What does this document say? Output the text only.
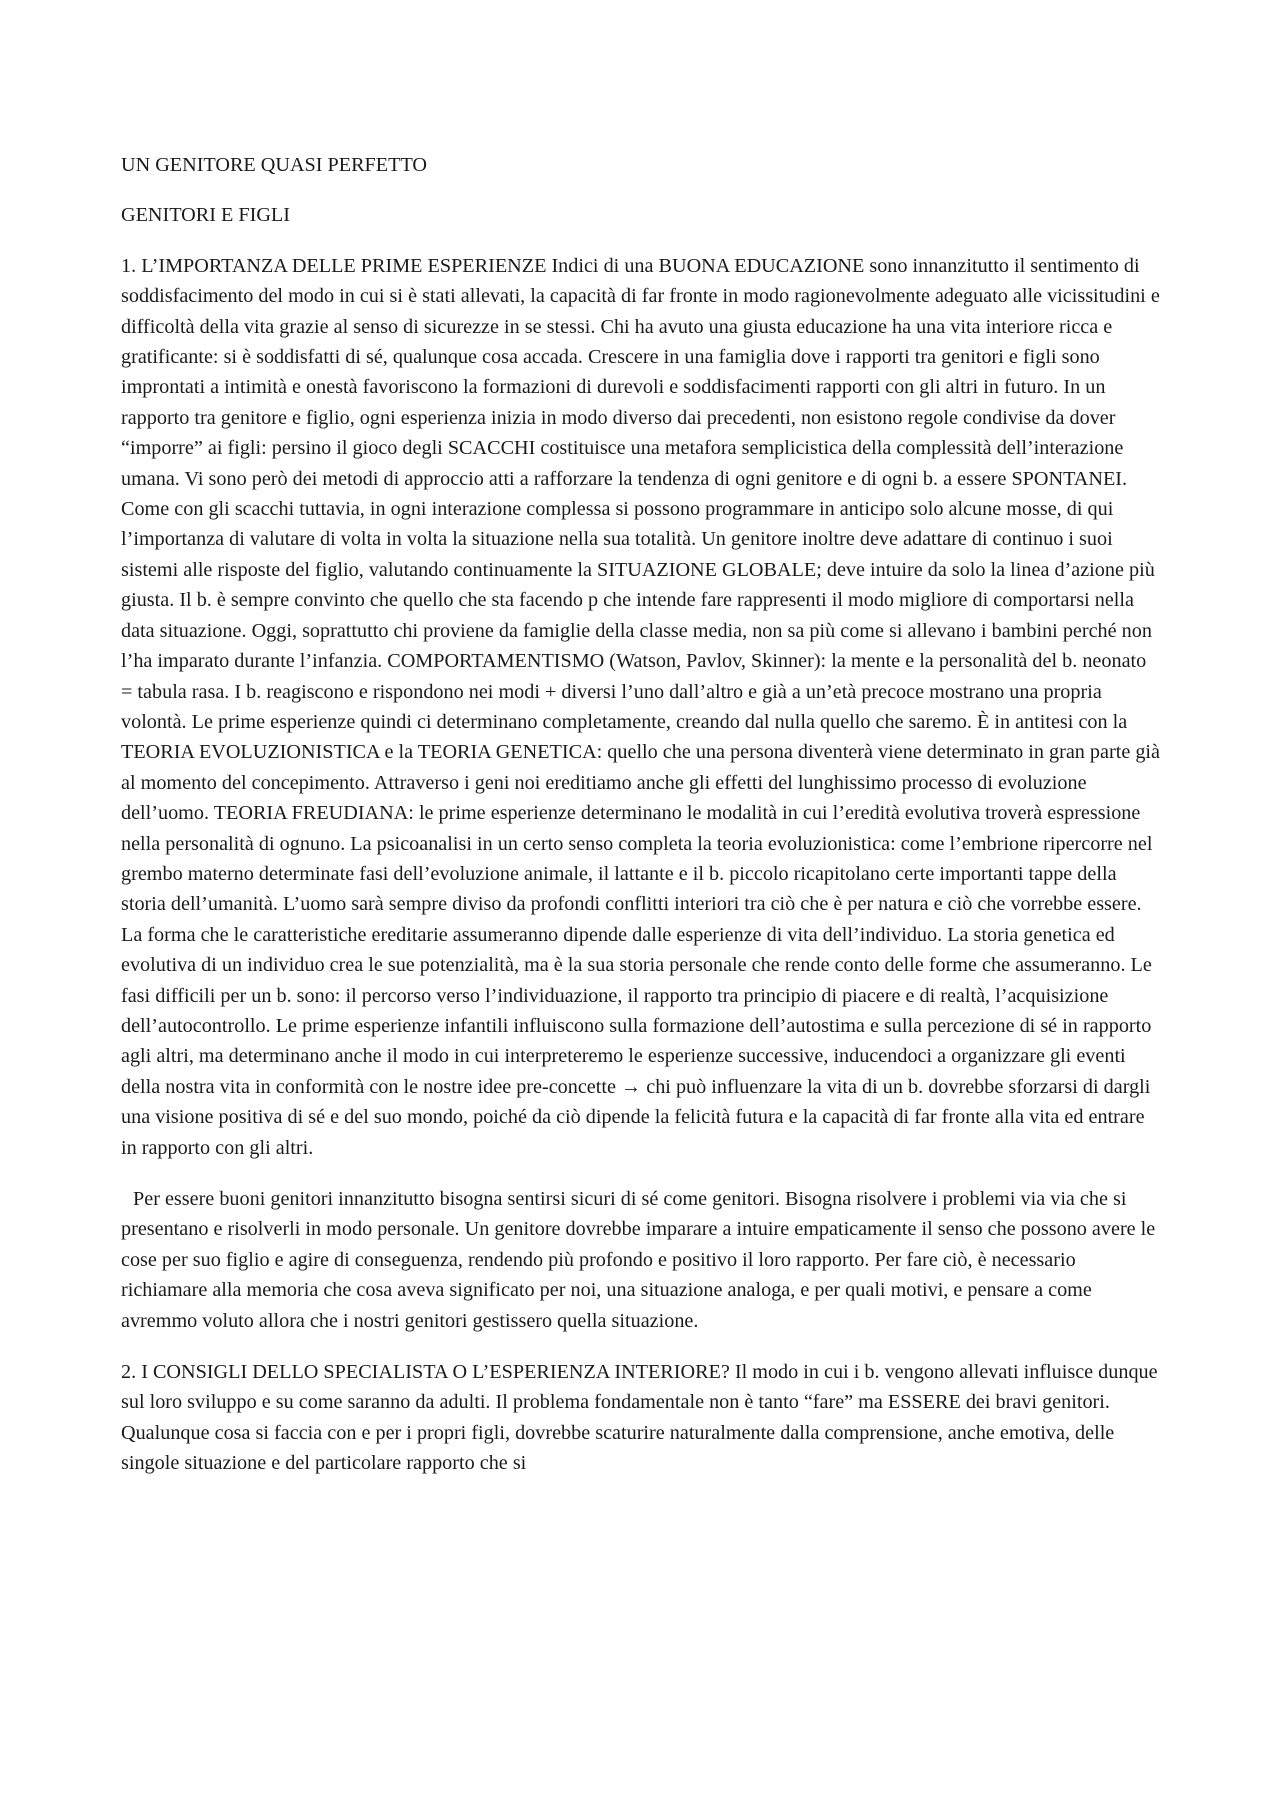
UN GENITORE QUASI PERFETTO

GENITORI E FIGLI

1. L’IMPORTANZA DELLE PRIME ESPERIENZE Indici di una BUONA EDUCAZIONE sono innanzitutto il sentimento di soddisfacimento del modo in cui si è stati allevati, la capacità di far fronte in modo ragionevolmente adeguato alle vicissitudini e difficoltà della vita grazie al senso di sicurezze in se stessi. Chi ha avuto una giusta educazione ha una vita interiore ricca e gratificante: si è soddisfatti di sé, qualunque cosa accada. Crescere in una famiglia dove i rapporti tra genitori e figli sono improntati a intimità e onestà favoriscono la formazioni di durevoli e soddisfacimenti rapporti con gli altri in futuro. In un rapporto tra genitore e figlio, ogni esperienza inizia in modo diverso dai precedenti, non esistono regole condivise da dover “imporre” ai figli: persino il gioco degli SCACCHI costituisce una metafora semplicistica della complessità dell’interazione umana. Vi sono però dei metodi di approccio atti a rafforzare la tendenza di ogni genitore e di ogni b. a essere SPONTANEI. Come con gli scacchi tuttavia, in ogni interazione complessa si possono programmare in anticipo solo alcune mosse, di qui l’importanza di valutare di volta in volta la situazione nella sua totalità. Un genitore inoltre deve adattare di continuo i suoi sistemi alle risposte del figlio, valutando continuamente la SITUAZIONE GLOBALE; deve intuire da solo la linea d’azione più giusta. Il b. è sempre convinto che quello che sta facendo p che intende fare rappresenti il modo migliore di comportarsi nella data situazione. Oggi, soprattutto chi proviene da famiglie della classe media, non sa più come si allevano i bambini perché non l’ha imparato durante l’infanzia. COMPORTAMENTISMO (Watson, Pavlov, Skinner): la mente e la personalità del b. neonato = tabula rasa. I b. reagiscono e rispondono nei modi + diversi l’uno dall’altro e già a un’età precoce mostrano una propria volontà. Le prime esperienze quindi ci determinano completamente, creando dal nulla quello che saremo. È in antitesi con la TEORIA EVOLUZIONISTICA e la TEORIA GENETICA: quello che una persona diventerà viene determinato in gran parte già al momento del concepimento. Attraverso i geni noi ereditiamo anche gli effetti del lunghissimo processo di evoluzione dell’uomo. TEORIA FREUDIANA: le prime esperienze determinano le modalità in cui l’eredità evolutiva troverà espressione nella personalità di ognuno. La psicoanalisi in un certo senso completa la teoria evoluzionistica: come l’embrione ripercorre nel grembo materno determinate fasi dell’evoluzione animale, il lattante e il b. piccolo ricapitolano certe importanti tappe della storia dell’umanità. L’uomo sarà sempre diviso da profondi conflitti interiori tra ciò che è per natura e ciò che vorrebbe essere. La forma che le caratteristiche ereditarie assumeranno dipende dalle esperienze di vita dell’individuo. La storia genetica ed evolutiva di un individuo crea le sue potenzialità, ma è la sua storia personale che rende conto delle forme che assumeranno. Le fasi difficili per un b. sono: il percorso verso l’individuazione, il rapporto tra principio di piacere e di realtà, l’acquisizione dell’autocontrollo. Le prime esperienze infantili influiscono sulla formazione dell’autostima e sulla percezione di sé in rapporto agli altri, ma determinano anche il modo in cui interpreteremo le esperienze successive, inducendoci a organizzare gli eventi della nostra vita in conformità con le nostre idee pre-concette → chi può influenzare la vita di un b. dovrebbe sforzarsi di dargli una visione positiva di sé e del suo mondo, poiché da ciò dipende la felicità futura e la capacità di far fronte alla vita ed entrare in rapporto con gli altri.

Per essere buoni genitori innanzitutto bisogna sentirsi sicuri di sé come genitori. Bisogna risolvere i problemi via via che si presentano e risolverli in modo personale. Un genitore dovrebbe imparare a intuire empaticamente il senso che possono avere le cose per suo figlio e agire di conseguenza, rendendo più profondo e positivo il loro rapporto. Per fare ciò, è necessario richiamare alla memoria che cosa aveva significato per noi, una situazione analoga, e per quali motivi, e pensare a come avremmo voluto allora che i nostri genitori gestissero quella situazione.

2. I CONSIGLI DELLO SPECIALISTA O L’ESPERIENZA INTERIORE? Il modo in cui i b. vengono allevati influisce dunque sul loro sviluppo e su come saranno da adulti. Il problema fondamentale non è tanto “fare” ma ESSERE dei bravi genitori. Qualunque cosa si faccia con e per i propri figli, dovrebbe scaturire naturalmente dalla comprensione, anche emotiva, delle singole situazione e del particolare rapporto che si
